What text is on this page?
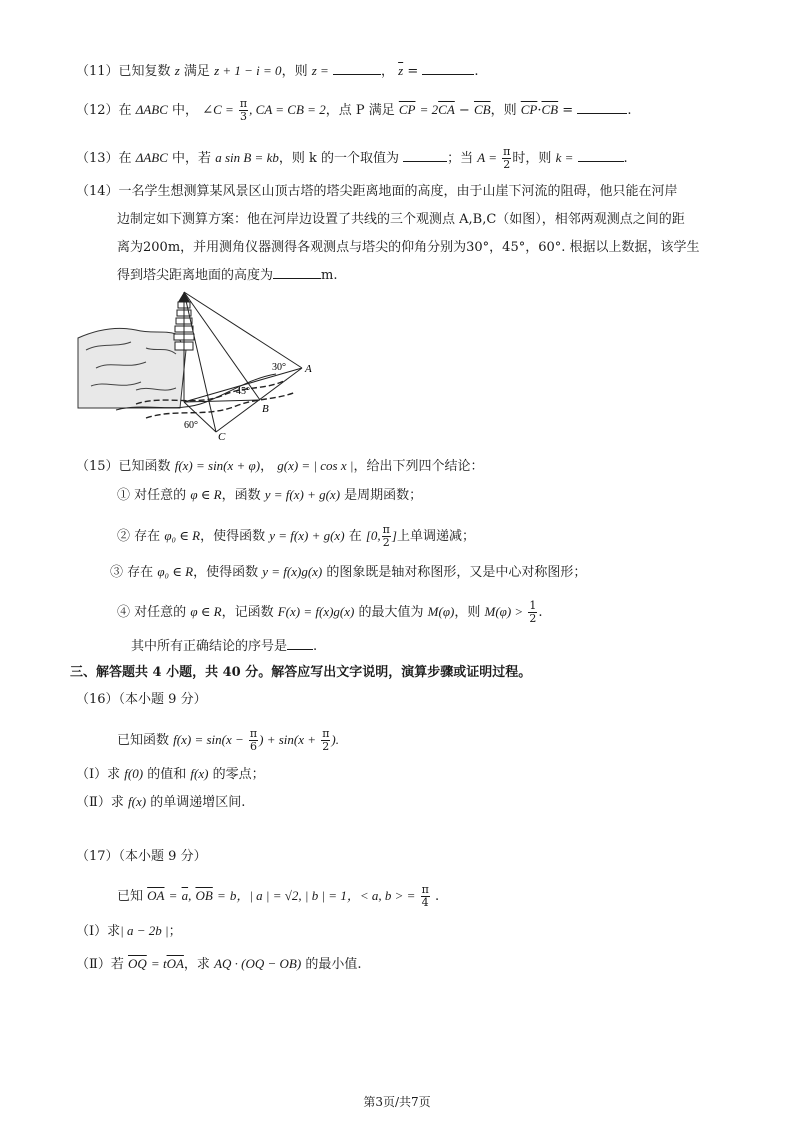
（11）已知复数 z 满足 z + 1 − i = 0，则 z =	， $\overline{z}$ =	.
（12）在 ΔABC 中， ∠C = $\frac{\pi}{3}$ , CA = CB = 2，点 P 满足 $\overline{CP} = 2\overline{CA} - \overline{CB}$，则 $\overline{CP}\cdot\overline{CB}$ =	.
（13）在 ΔABC 中，若 a sin B = kb，则 k 的一个取值为	；当 $A = \frac{\pi}{2}$ 时，则 k =	.
（14）一名学生想测算某风景区山顶古塔的塔尖距离地面的高度，由于山崖下河流的阻碍，他只能在河岸
边制定如下测算方案：他在河岸边设置了共线的三个观测点 A,B,C（如图），相邻两观测点之间的距
离为200m，并用测角仪器测得各观测点与塔尖的仰角分别为30°，45°，60°. 根据以上数据，该学生
得到塔尖距离地面的高度为	m.
30°
45°
60°
A
B
C
（15）已知函数 f(x) = sin(x + φ)， g(x) = | cos x |，给出下列四个结论：
① 对任意的 φ ∈ R，函数 y = f(x) + g(x) 是周期函数；
② 存在 φ₀ ∈ R，使得函数 y = f(x) + g(x) 在 [0, $\frac{\pi}{2}$ ]上单调递减；
③ 存在 φ₀ ∈ R，使得函数 y = f(x)g(x) 的图象既是轴对称图形，又是中心对称图形；
④ 对任意的 φ ∈ R，记函数 F(x) = f(x)g(x) 的最大值为 M(φ)，则 $M(\varphi) > \frac{1}{2}$ .
其中所有正确结论的序号是 .
三、解答题共 4 小题，共 40 分。解答应写出文字说明，演算步骤或证明过程。
（16）（本小题 9 分）
已知函数 $f(x) = \sin(x - \frac{\pi}{6}$ ) + $\sin(x + \frac{\pi}{2}$ ).
（Ⅰ）求 f(0) 的值和 f(x) 的零点；
（Ⅱ）求 f(x) 的单调递增区间.
（17）（本小题 9 分）
已知 $\overline{OA} = \overline{a}$, $\overline{OB} = b$，| a | = √2, | b | = 1，< a, b > = $\frac{\pi}{4}$ .
（Ⅰ）求| a − 2b |；
（Ⅱ）若 $\overline{OQ} = t\overline{OA}$，求 AQ · (OQ − OB) 的最小值.
第3页/共7页
